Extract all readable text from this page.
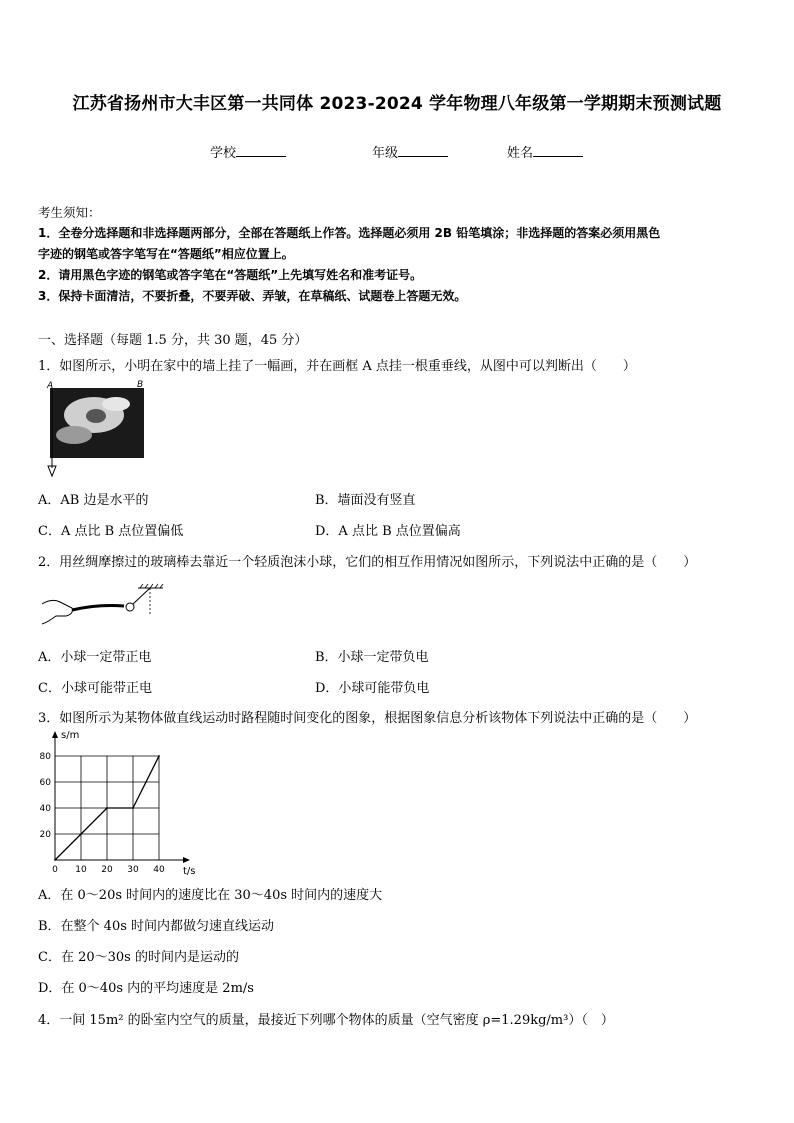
江苏省扬州市大丰区第一共同体 2023-2024 学年物理八年级第一学期期末预测试题
学校	年级	姓名
考生须知：
1．全卷分选择题和非选择题两部分，全部在答题纸上作答。选择题必须用 2B 铅笔填涂；非选择题的答案必须用黑色
字迹的钢笔或答字笔写在“答题纸”相应位置上。
2．请用黑色字迹的钢笔或答字笔在“答题纸”上先填写姓名和准考证号。
3．保持卡面清洁，不要折叠，不要弄破、弄皱，在草稿纸、试题卷上答题无效。
一、选择题（每题 1.5 分，共 30 题，45 分）
1．如图所示，小明在家中的墙上挂了一幅画，并在画框 A 点挂一根重垂线，从图中可以判断出（　　）
A	B
A．AB 边是水平的	B．墙面没有竖直
C．A 点比 B 点位置偏低	D．A 点比 B 点位置偏高
2．用丝绸摩擦过的玻璃棒去靠近一个轻质泡沫小球，它们的相互作用情况如图所示，下列说法中正确的是（　　）
A．小球一定带正电	B．小球一定带负电
C．小球可能带正电	D．小球可能带负电
3．如图所示为某物体做直线运动时路程随时间变化的图象，根据图象信息分析该物体下列说法中正确的是（　　）
0 10 20 30 40
20
40
60
80
t/s
s/m
A．在 0～20s 时间内的速度比在 30～40s 时间内的速度大
B．在整个 40s 时间内都做匀速直线运动
C．在 20～30s 的时间内是运动的
D．在 0～40s 内的平均速度是 2m/s
4．一间 15m² 的卧室内空气的质量，最接近下列哪个物体的质量（空气密度 ρ=1.29kg/m³）（　）
